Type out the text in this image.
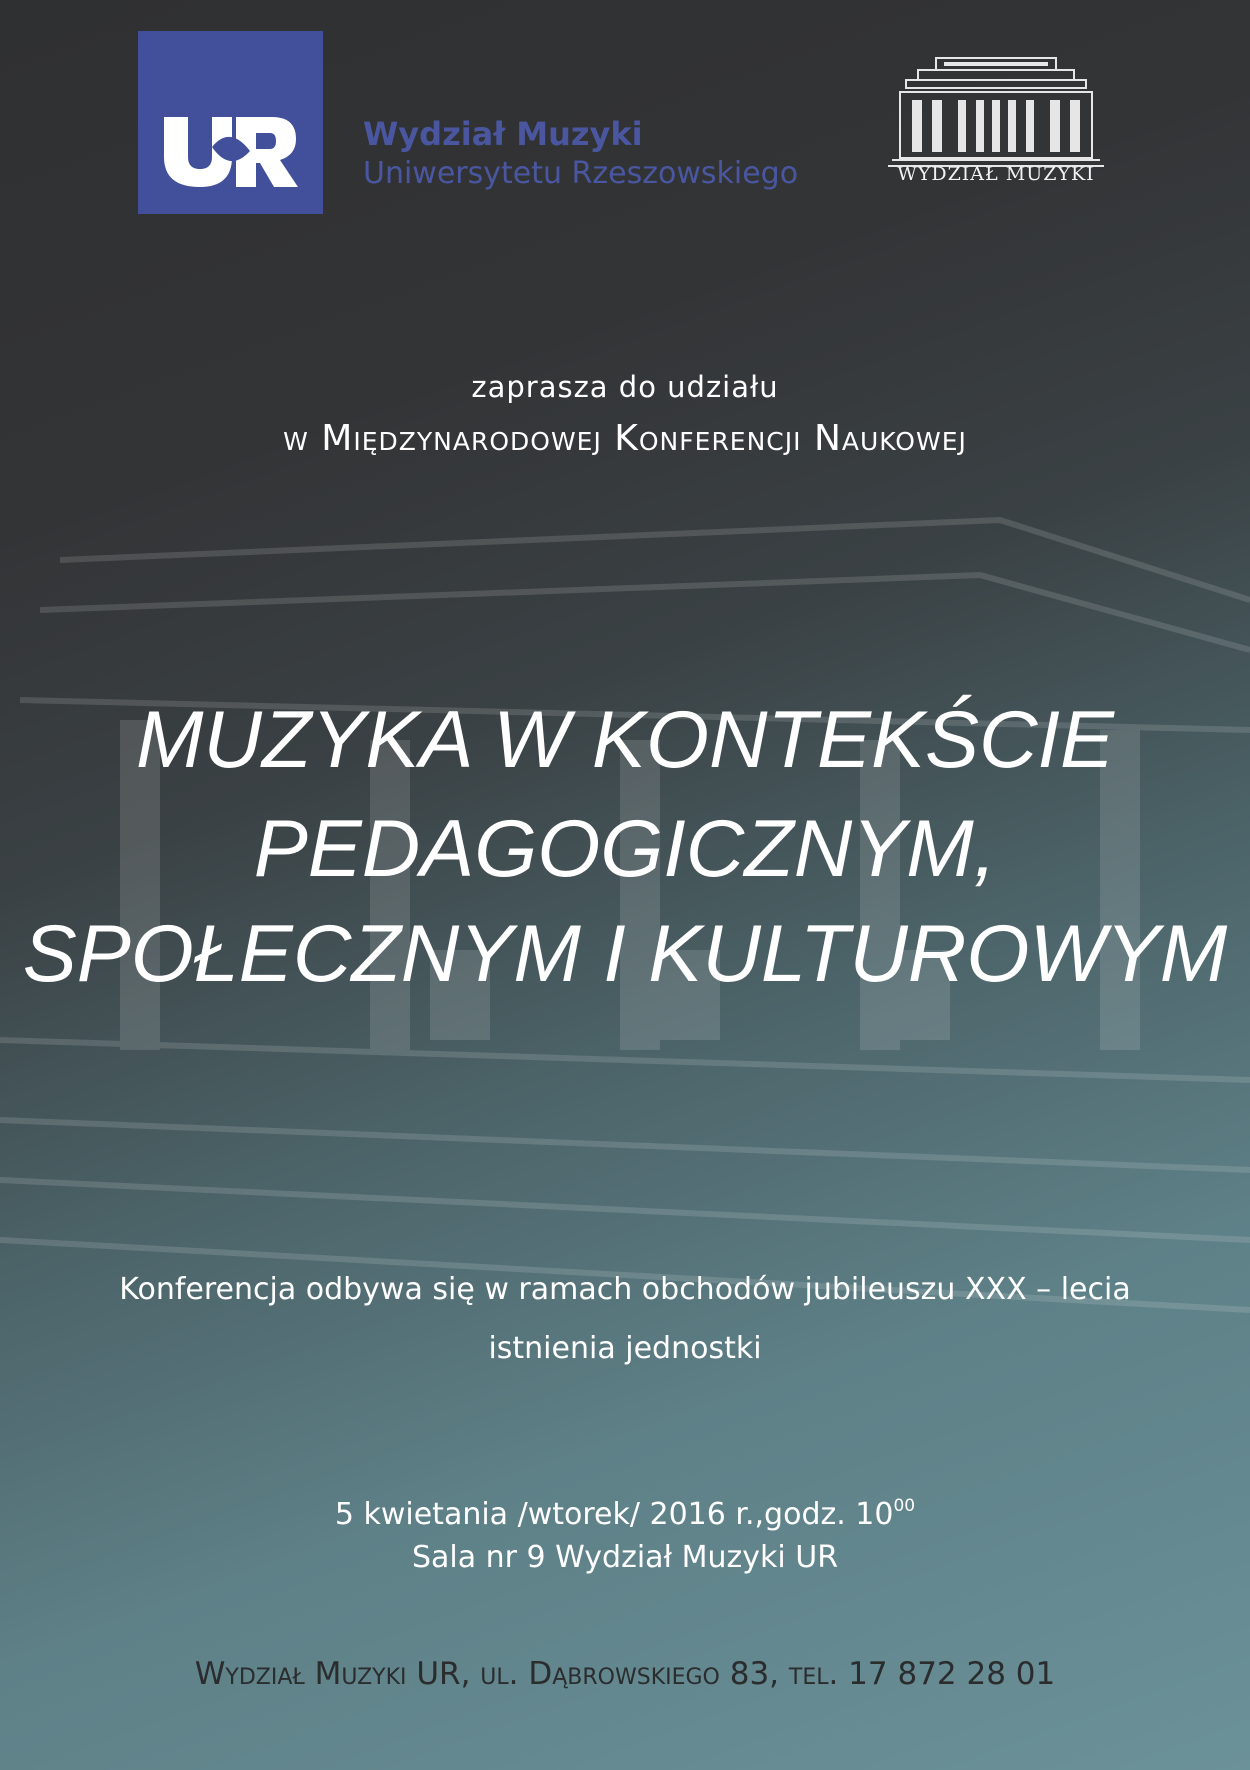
Wydział Muzyki
Uniwersytetu Rzeszowskiego	WYDZIAŁ MUZYKI
zaprasza do udziału
w Międzynarodowej Konferencji Naukowej
MUZYKA W KONTEKŚCIE
PEDAGOGICZNYM,
SPOŁECZNYM I KULTUROWYM
Konferencja odbywa się w ramach obchodów jubileuszu XXX – lecia
istnienia jednostki
5 kwietania /wtorek/ 2016 r.,godz. $10^{00}$
Sala nr 9 Wydział Muzyki UR
Wydział Muzyki UR, ul. Dąbrowskiego 83, tel. 17 872 28 01
